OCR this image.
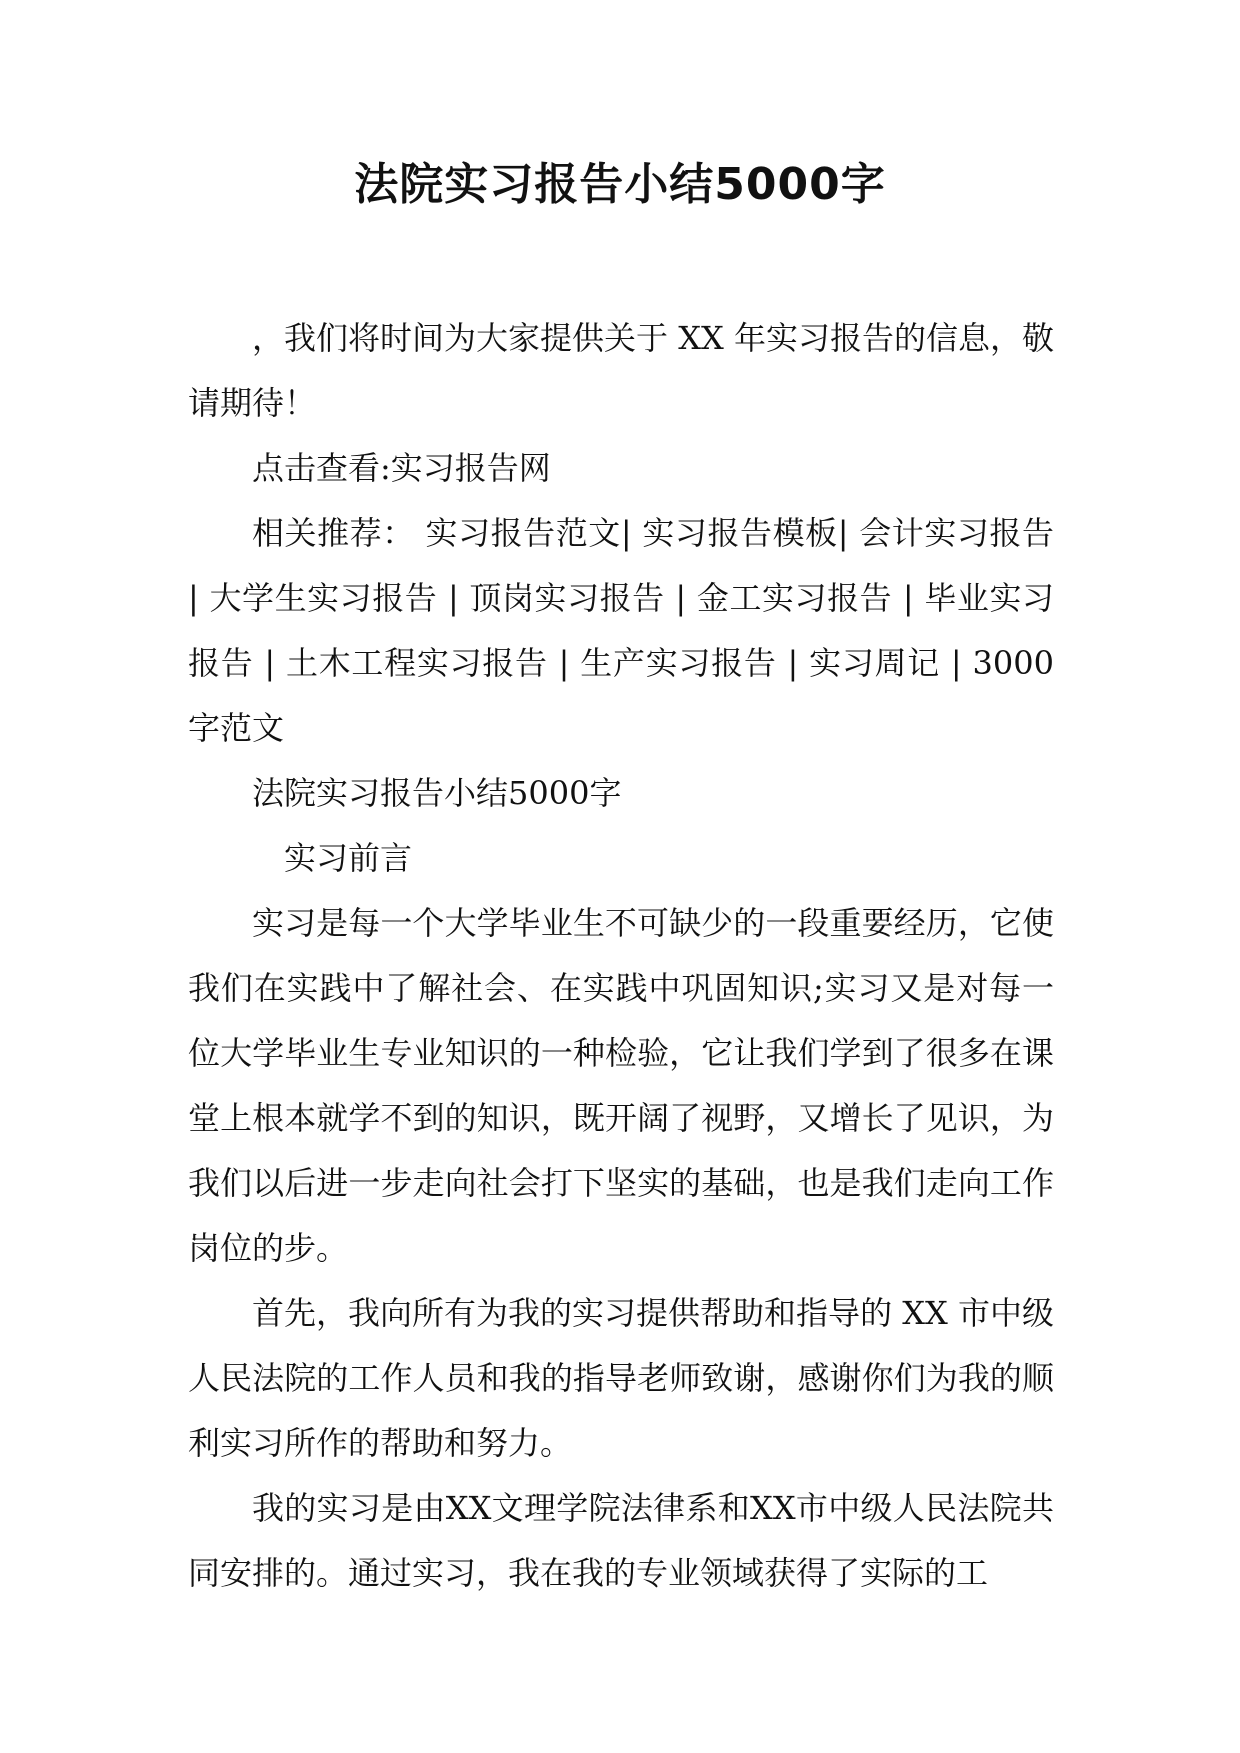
法院实习报告小结5000字

，我们将时间为大家提供关于 XX 年实习报告的信息，敬请期待！

点击查看:实习报告网

相关推荐： 实习报告范文| 实习报告模板| 会计实习报告 | 大学生实习报告 | 顶岗实习报告 | 金工实习报告 | 毕业实习报告 | 土木工程实习报告 | 生产实习报告 | 实习周记 | 3000字范文

法院实习报告小结5000字

实习前言

实习是每一个大学毕业生不可缺少的一段重要经历，它使我们在实践中了解社会、在实践中巩固知识;实习又是对每一位大学毕业生专业知识的一种检验，它让我们学到了很多在课堂上根本就学不到的知识，既开阔了视野，又增长了见识，为我们以后进一步走向社会打下坚实的基础，也是我们走向工作岗位的步。

首先，我向所有为我的实习提供帮助和指导的 XX 市中级人民法院的工作人员和我的指导老师致谢，感谢你们为我的顺利实习所作的帮助和努力。

我的实习是由XX文理学院法律系和XX市中级人民法院共同安排的。通过实习，我在我的专业领域获得了实际的工
